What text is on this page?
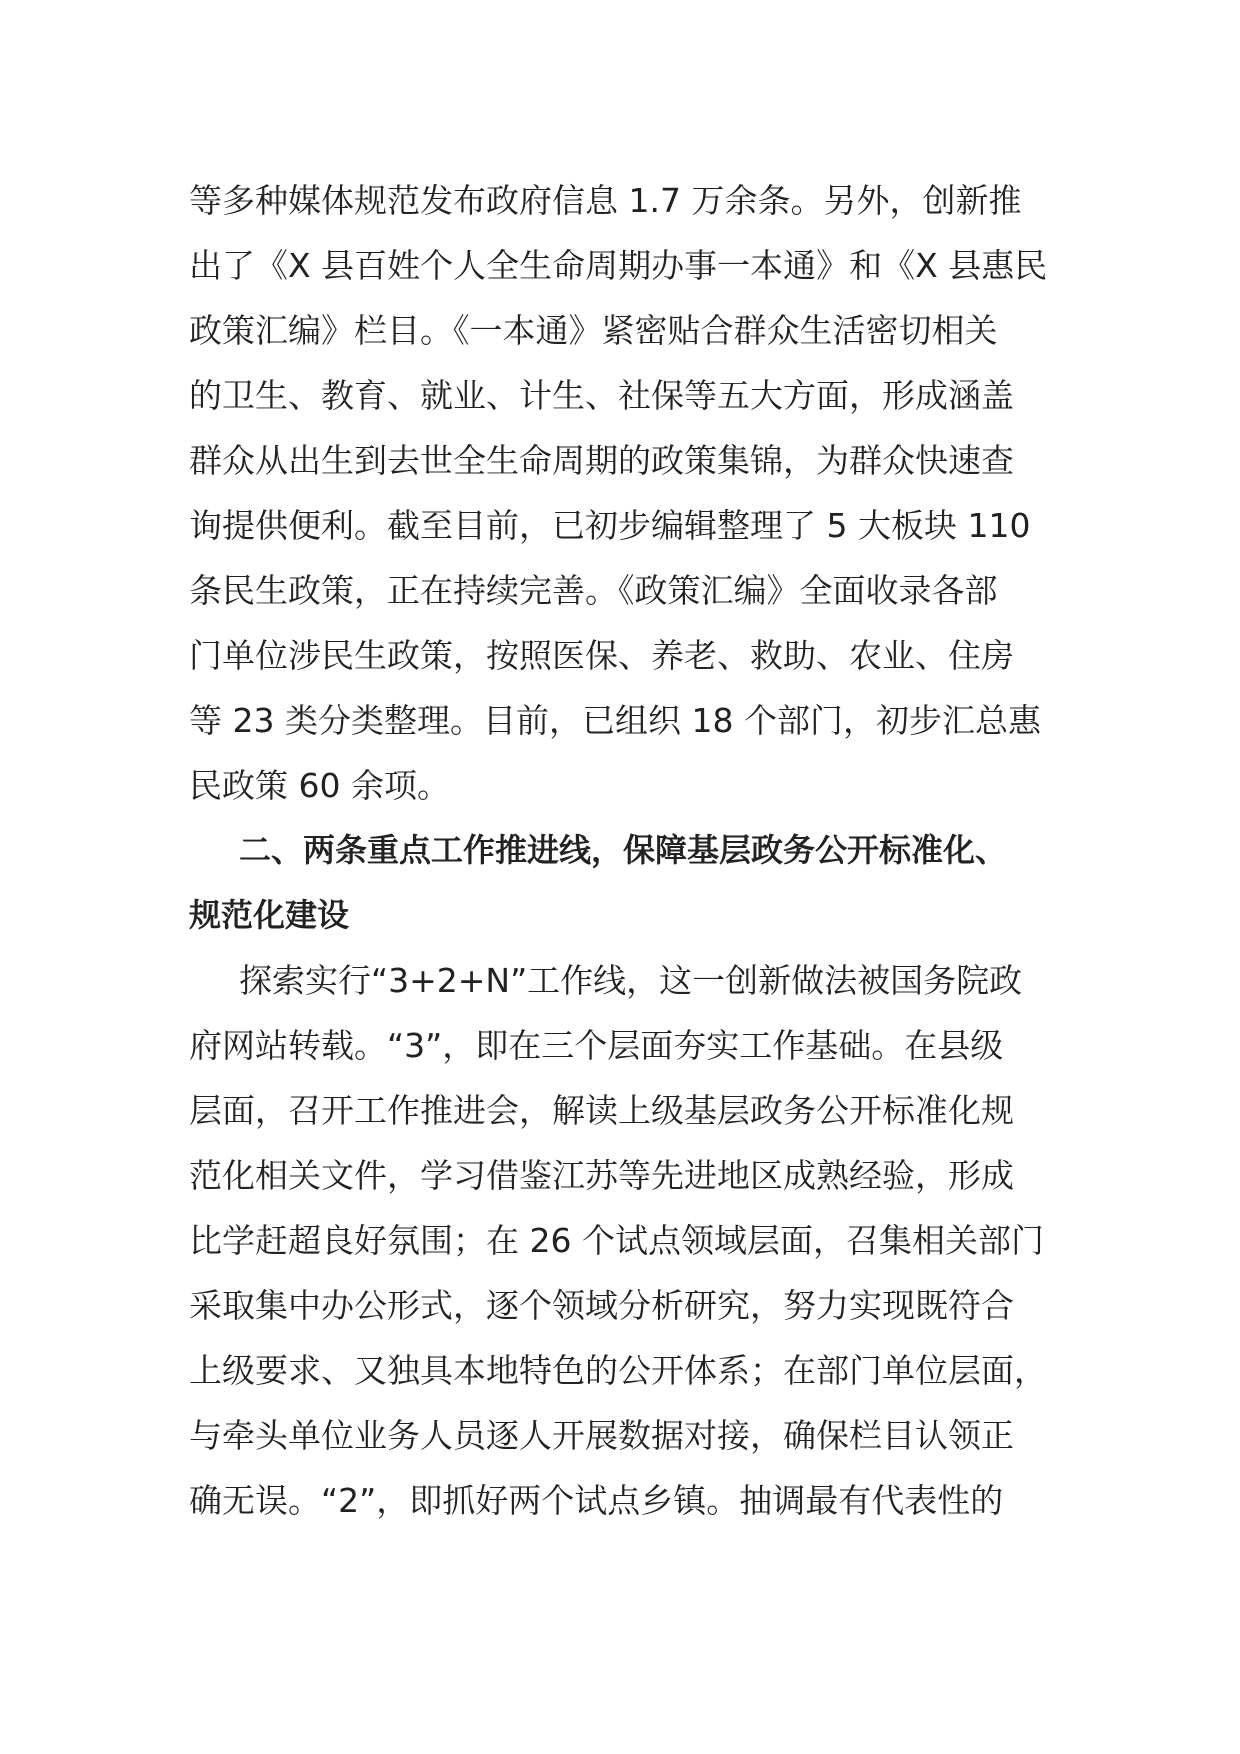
等多种媒体规范发布政府信息 1.7 万余条。另外，创新推
出了《X 县百姓个人全生命周期办事一本通》和《X 县惠民
政策汇编》栏目。《一本通》紧密贴合群众生活密切相关
的卫生、教育、就业、计生、社保等五大方面，形成涵盖
群众从出生到去世全生命周期的政策集锦，为群众快速查
询提供便利。截至目前，已初步编辑整理了 5 大板块 110
条民生政策，正在持续完善。《政策汇编》全面收录各部
门单位涉民生政策，按照医保、养老、救助、农业、住房
等 23 类分类整理。目前，已组织 18 个部门，初步汇总惠
民政策 60 余项。
二、两条重点工作推进线，保障基层政务公开标准化、
规范化建设
探索实行“3+2+N”工作线，这一创新做法被国务院政
府网站转载。“3”，即在三个层面夯实工作基础。在县级
层面，召开工作推进会，解读上级基层政务公开标准化规
范化相关文件，学习借鉴江苏等先进地区成熟经验，形成
比学赶超良好氛围；在 26 个试点领域层面，召集相关部门
采取集中办公形式，逐个领域分析研究，努力实现既符合
上级要求、又独具本地特色的公开体系；在部门单位层面，
与牵头单位业务人员逐人开展数据对接，确保栏目认领正
确无误。“2”，即抓好两个试点乡镇。抽调最有代表性的
